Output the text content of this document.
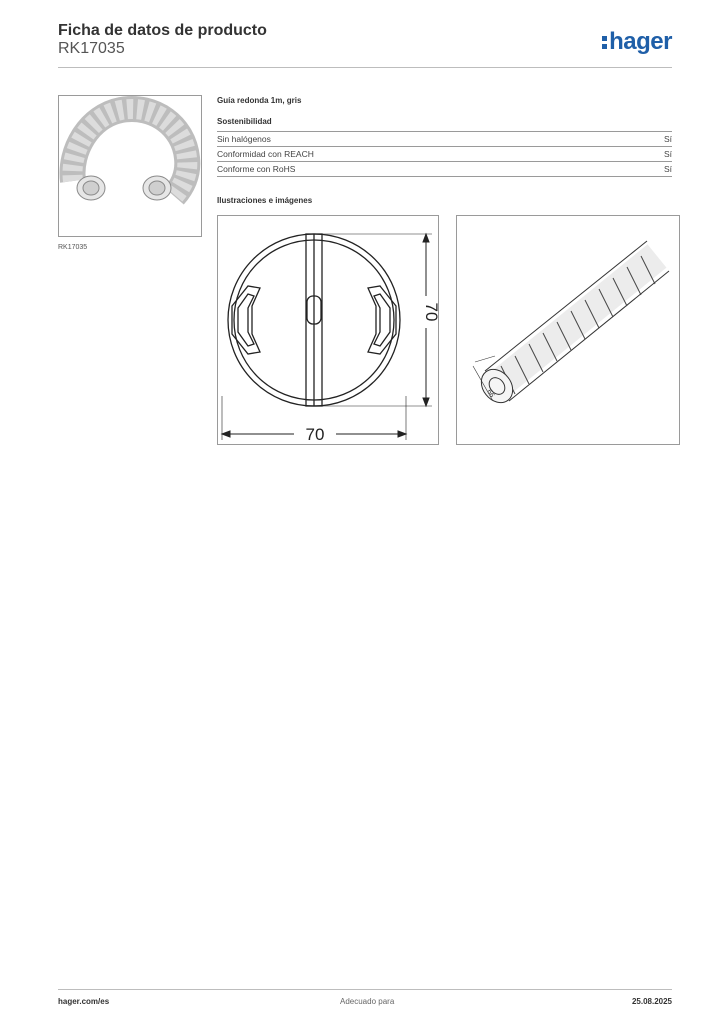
Ficha de datos de producto
RK17035	hager
RK17035
Guía redonda 1m, gris
Sostenibilidad
Sin halógenos	Sí
Conformidad con REACH	Sí
Conforme con RoHS	Sí
Ilustraciones e imágenes
70
70
66
hager.com/es	Adecuado para	25.08.2025
